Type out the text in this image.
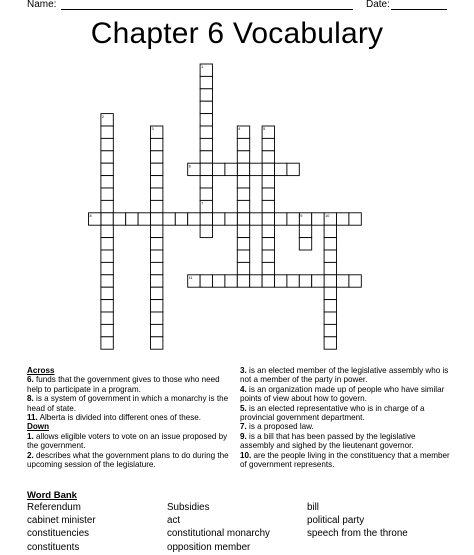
Name:	Date:
Chapter 6 Vocabulary
1
2
3	4	5
6
7
8	9	10
11
Across
6. funds that the government gives to those who need help to participate in a program.
8. is a system of government in which a monarchy is the head of state.
11. Alberta is divided into different ones of these.
Down
1. allows eligible voters to vote on an issue proposed by the government.
2. describes what the government plans to do during the upcoming session of the legislature.
3. is an elected member of the legislative assembly who is not a member of the party in power.
4. is an organization made up of people who have similar points of view about how to govern.
5. is an elected representative who is in charge of a provincial government department.
7. is a proposed law.
9. is a bill that has been passed by the legislative assembly and sighed by the lieutenant governor.
10. are the people living in the constituency that a member of government represents.
Word Bank
Referendum	Subsidies	bill
cabinet minister	act	political party
constituencies	constitutional monarchy	speech from the throne
constituents	opposition member
